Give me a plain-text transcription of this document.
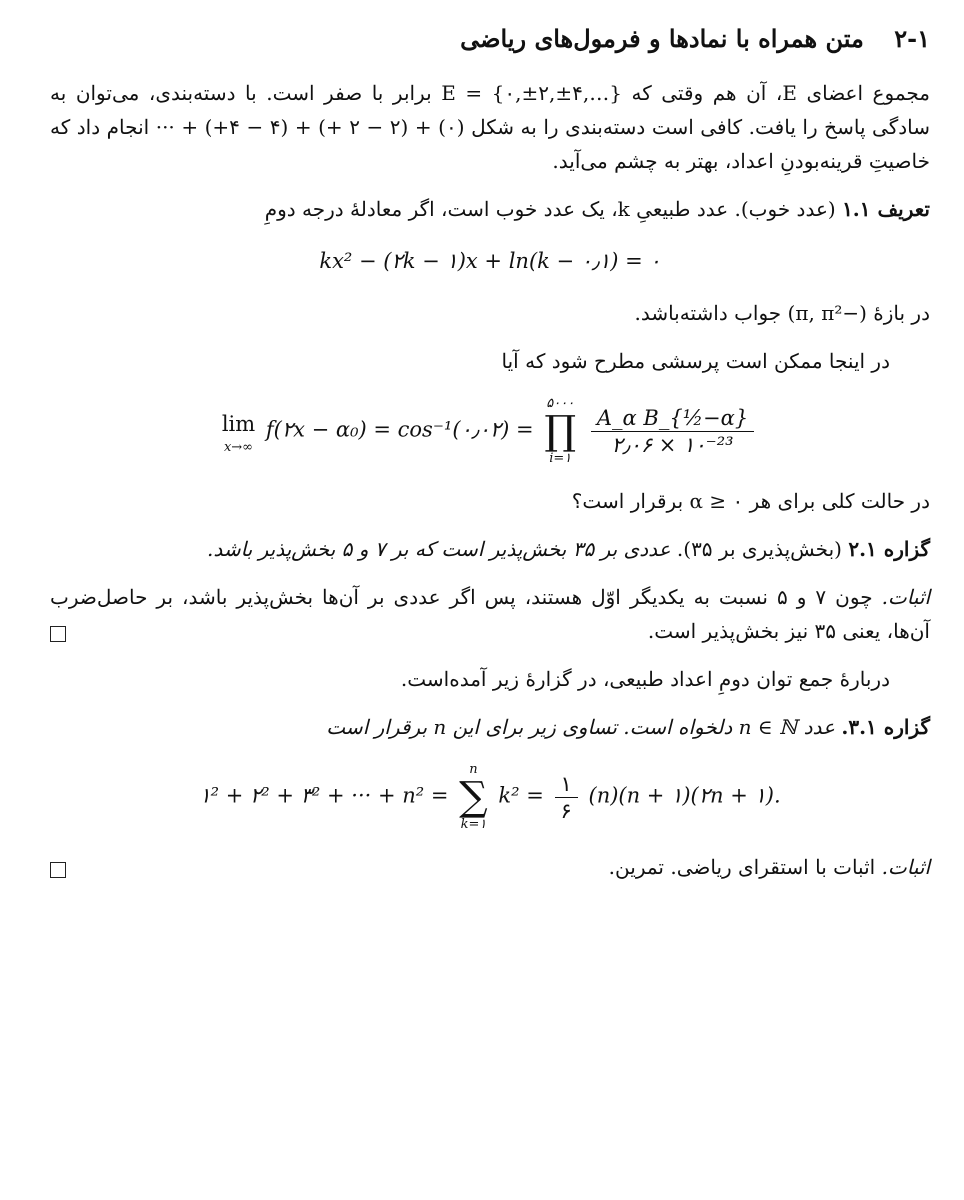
۲-۱ متن همراه با نمادها و فرمول‌های ریاضی

مجموع اعضای E، آن هم وقتی که {…,۴±,۲±,۰} = E برابر با صفر است. با دسته‌بندی، می‌توان به سادگی پاسخ را یافت. کافی است دسته‌بندی را به شکل (۰) + (۲ − ۲ +) + (۴ − ۴+) + ··· انجام داد که خاصیتِ قرینه‌بودنِ اعداد، بهتر به چشم می‌آید.

تعریف ۱.۱ (عدد خوب). عدد طبیعیِ k، یک عدد خوب است، اگر معادلهٔ درجه دومِ

kx² − (۲k − ۱)x + ln(k − ۰٫۱) = ۰

در بازهٔ (−π, π²) جواب داشته‌باشد.

در اینجا ممکن است پرسشی مطرح شود که آیا

lim
x→∞
f(۲x − α₀) = cos⁻¹(۰٫۰۲) =
۵۰۰۰
∏
i=۱

$\frac{\text{A\_α B\_\{½−α\}}}{\text{۲٫۰۶ × ۱۰⁻²³}}$

در حالت کلی برای هر ۰ ≤ α برقرار است؟

گزاره ۲.۱ (بخش‌پذیری بر ۳۵). عددی بر ۳۵ بخش‌پذیر است که بر ۷ و ۵ بخش‌پذیر باشد.

اثبات. چون ۷ و ۵ نسبت به یکدیگر اوّل هستند، پس اگر عددی بر آن‌ها بخش‌پذیر باشد، بر حاصل‌ضرب آن‌ها، یعنی ۳۵ نیز بخش‌پذیر است.

دربارهٔ جمع توان دومِ اعداد طبیعی، در گزارهٔ زیر آمده‌است.

گزاره ۳.۱. عدد n ∈ ℕ دلخواه است. تساوی زیر برای این n برقرار است

۱² + ۲² + ۳² + ··· + n² =
n
∑
k=۱
$k^2 = \frac{۱}{۶} (n)(n$ + ۱)(۲n + ۱).

اثبات. اثبات با استقرای ریاضی. تمرین.
